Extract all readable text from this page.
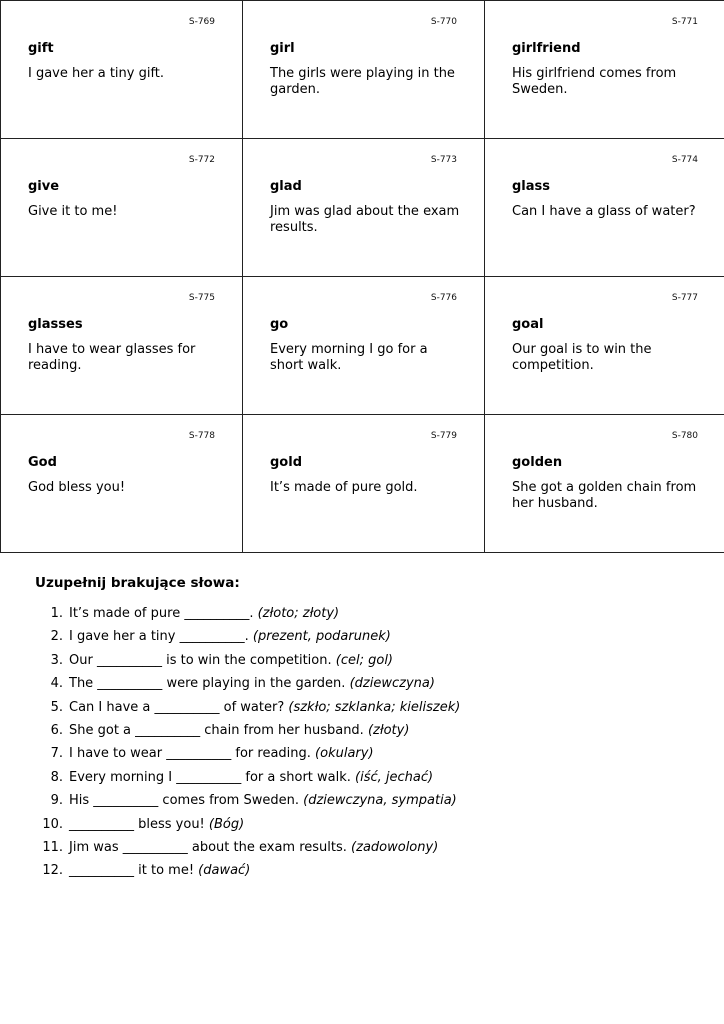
S-769
gift
I gave her a tiny gift.	S-770
girl
The girls were playing in the garden.	S-771
girlfriend
His girlfriend comes from Sweden.

S-772
give
Give it to me!	S-773
glad
Jim was glad about the exam results.	S-774
glass
Can I have a glass of water?

S-775
glasses
I have to wear glasses for reading.	S-776
go
Every morning I go for a short walk.	S-777
goal
Our goal is to win the competition.

S-778
God
God bless you!	S-779
gold
It’s made of pure gold.	S-780
golden
She got a golden chain from her husband.
Uzupełnij brakujące słowa:
1. It’s made of pure __________. (złoto; złoty)
2. I gave her a tiny __________. (prezent, podarunek)
3. Our __________ is to win the competition. (cel; gol)
4. The __________ were playing in the garden. (dziewczyna)
5. Can I have a __________ of water? (szkło; szklanka; kieliszek)
6. She got a __________ chain from her husband. (złoty)
7. I have to wear __________ for reading. (okulary)
8. Every morning I __________ for a short walk. (iść, jechać)
9. His __________ comes from Sweden. (dziewczyna, sympatia)
10. __________ bless you! (Bóg)
11. Jim was __________ about the exam results. (zadowolony)
12. __________ it to me! (dawać)
